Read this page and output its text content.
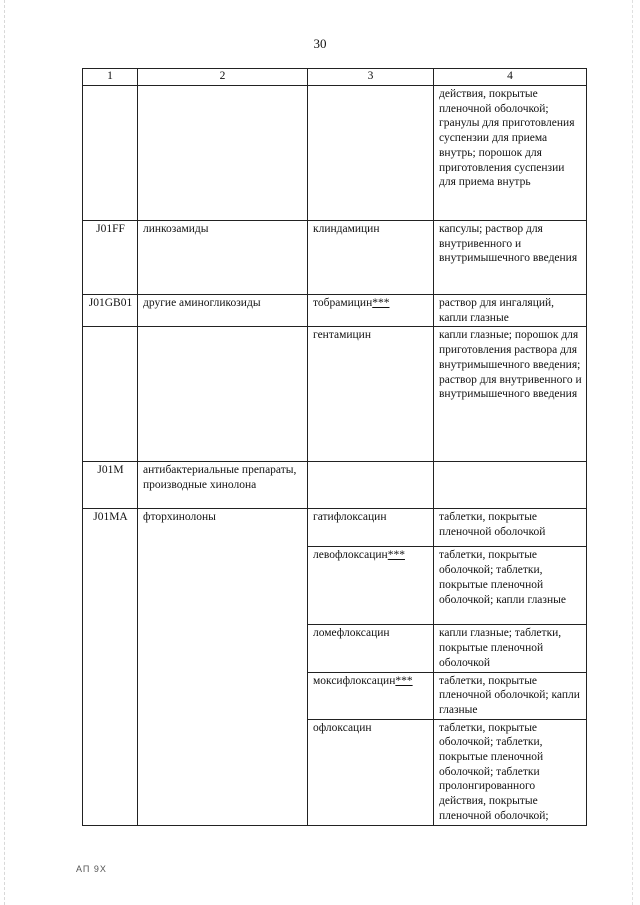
30
1	2	3	4
			действия, покрытые пленочной оболочкой; гранулы для приготовления суспензии для приема внутрь; порошок для приготовления суспензии для приема внутрь
J01FF	линкозамиды	клиндамицин	капсулы; раствор для внутривенного и внутримышечного введения
J01GB01	другие аминогликозиды	тобрамицин***	раствор для ингаляций, капли глазные
		гентамицин	капли глазные; порошок для приготовления раствора для внутримышечного введения; раствор для внутривенного и внутримышечного введения
J01M	антибактериальные препараты, производные хинолона		
J01MA	фторхинолоны	гатифлоксацин	таблетки, покрытые пленочной оболочкой
		левофлоксацин***	таблетки, покрытые оболочкой; таблетки, покрытые пленочной оболочкой; капли глазные
		ломефлоксацин	капли глазные; таблетки, покрытые пленочной оболочкой
		моксифлоксацин***	таблетки, покрытые пленочной оболочкой; капли глазные
		офлоксацин	таблетки, покрытые оболочкой; таблетки, покрытые пленочной оболочкой; таблетки пролонгированного действия, покрытые пленочной оболочкой;
АП 9Х
